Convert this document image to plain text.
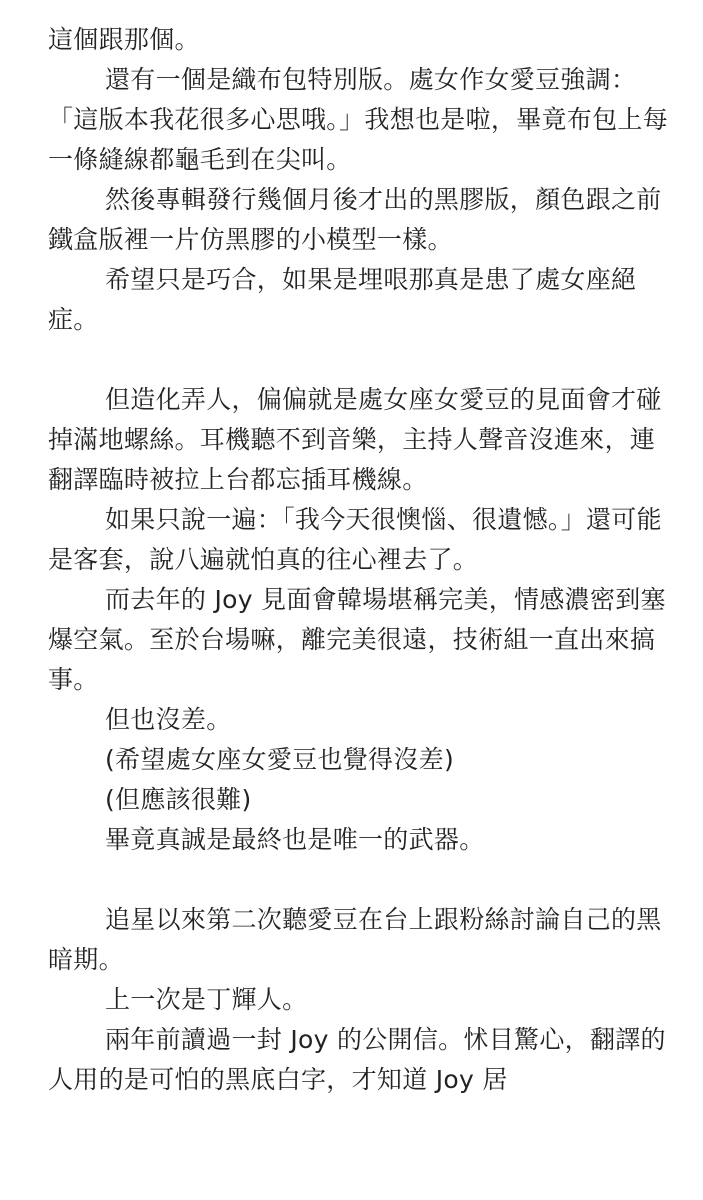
這個跟那個。

還有一個是織布包特別版。處女作女愛豆強調：「這版本我花很多心思哦。」我想也是啦，畢竟布包上每一條縫線都龜毛到在尖叫。

然後專輯發行幾個月後才出的黑膠版，顏色跟之前鐵盒版裡一片仿黑膠的小模型一樣。

希望只是巧合，如果是埋哏那真是患了處女座絕症。

但造化弄人，偏偏就是處女座女愛豆的見面會才碰掉滿地螺絲。耳機聽不到音樂，主持人聲音沒進來，連翻譯臨時被拉上台都忘插耳機線。

如果只說一遍：「我今天很懊惱、很遺憾。」還可能是客套，說八遍就怕真的往心裡去了。

而去年的 Joy 見面會韓場堪稱完美，情感濃密到塞爆空氣。至於台場嘛，離完美很遠，技術組一直出來搞事。

但也沒差。

(希望處女座女愛豆也覺得沒差)

(但應該很難)

畢竟真誠是最終也是唯一的武器。

追星以來第二次聽愛豆在台上跟粉絲討論自己的黑暗期。

上一次是丁輝人。

兩年前讀過一封 Joy 的公開信。怵目驚心，翻譯的人用的是可怕的黑底白字，才知道 Joy 居
